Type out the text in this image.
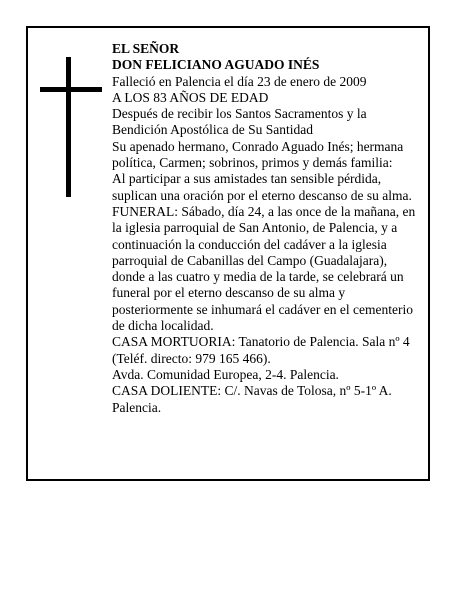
EL SEÑOR

DON FELICIANO AGUADO INÉS

Falleció en Palencia el día 23 de enero de 2009

A LOS 83 AÑOS DE EDAD

Después de recibir los Santos Sacramentos y la Bendición Apostólica de Su Santidad

Su apenado hermano, Conrado Aguado Inés; hermana política, Carmen; sobrinos, primos y demás familia:

Al participar a sus amistades tan sensible pérdida, suplican una oración por el eterno descanso de su alma.

FUNERAL: Sábado, día 24, a las once de la mañana, en la iglesia parroquial de San Antonio, de Palencia, y a continuación la conducción del cadáver a la iglesia parroquial de Cabanillas del Campo (Guadalajara), donde a las cuatro y media de la tarde, se celebrará un funeral por el eterno descanso de su alma y posteriormente se inhumará el cadáver en el cementerio de dicha localidad.

CASA MORTUORIA: Tanatorio de Palencia. Sala nº 4 (Teléf. directo: 979 165 466).

Avda. Comunidad Europea, 2-4. Palencia.

CASA DOLIENTE: C/. Navas de Tolosa, nº 5-1º A. Palencia.
